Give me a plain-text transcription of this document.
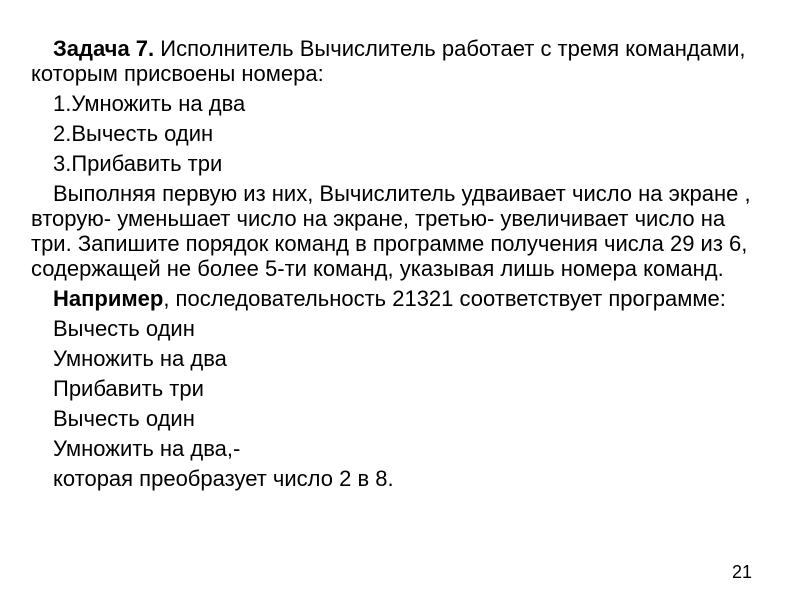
Задача 7. Исполнитель Вычислитель работает с тремя командами, которым присвоены номера:

1.Умножить на два

2.Вычесть один

3.Прибавить три

Выполняя первую из них, Вычислитель удваивает число на экране , вторую- уменьшает число на экране, третью- увеличивает число на три. Запишите порядок команд в программе получения числа 29 из 6, содержащей не более 5-ти команд, указывая лишь номера команд.

Например, последовательность 21321 соответствует программе:

Вычесть один

Умножить на два

Прибавить три

Вычесть один

Умножить на два,-

которая преобразует число 2 в 8.

21
